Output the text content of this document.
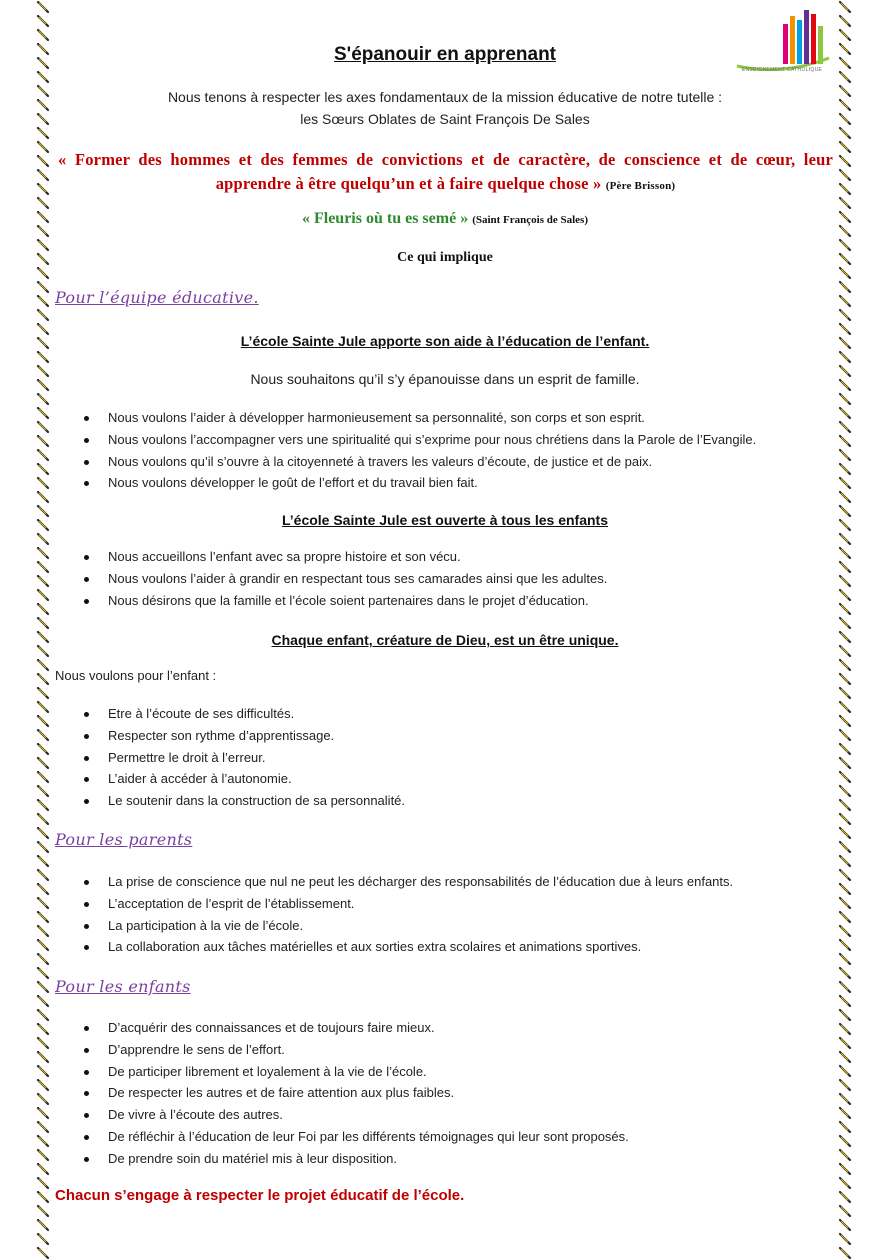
ENSEIGNEMENT CATHOLIQUE
S'épanouir en apprenant
Nous tenons à respecter les axes fondamentaux de la mission éducative de notre tutelle :
les Sœurs Oblates de Saint François De Sales
« Former des hommes et des femmes de convictions et de caractère, de conscience et de cœur, leur apprendre à être quelqu’un et à faire quelque chose » (Père Brisson)
« Fleuris où tu es semé » (Saint François de Sales)
Ce qui implique
Pour l’équipe éducative.
L’école Sainte Jule apporte son aide à l’éducation de l’enfant.
Nous souhaitons qu’il s’y épanouisse dans un esprit de famille.
Nous voulons l’aider à développer harmonieusement sa personnalité, son corps et son esprit.
Nous voulons l’accompagner vers une spiritualité qui s’exprime pour nous chrétiens dans la Parole de l’Evangile.
Nous voulons qu’il s’ouvre à la citoyenneté à travers les valeurs d’écoute, de justice et de paix.
Nous voulons développer le goût de l’effort et du travail bien fait.
L’école Sainte Jule est ouverte à tous les enfants
Nous accueillons l’enfant avec sa propre histoire et son vécu.
Nous voulons l’aider à grandir en respectant tous ses camarades ainsi que les adultes.
Nous désirons que la famille et l’école soient partenaires dans le projet d’éducation.
Chaque enfant, créature de Dieu, est un être unique.
Nous voulons pour l’enfant :
Etre à l’écoute de ses difficultés.
Respecter son rythme d’apprentissage.
Permettre le droit à l’erreur.
L’aider à accéder à l’autonomie.
Le soutenir dans la construction de sa personnalité.
Pour les parents
La prise de conscience que nul ne peut les décharger des responsabilités de l’éducation due à leurs enfants.
L’acceptation de l’esprit de l’établissement.
La participation à la vie de l’école.
La collaboration aux tâches matérielles et aux sorties extra scolaires et animations sportives.
Pour les enfants
D’acquérir des connaissances et de toujours faire mieux.
D’apprendre le sens de l’effort.
De participer librement et loyalement à la vie de l’école.
De respecter les autres et de faire attention aux plus faibles.
De vivre à l’écoute des autres.
De réfléchir à l’éducation de leur Foi par les différents témoignages qui leur sont proposés.
De prendre soin du matériel mis à leur disposition.
Chacun s’engage à respecter le projet éducatif de l’école.
